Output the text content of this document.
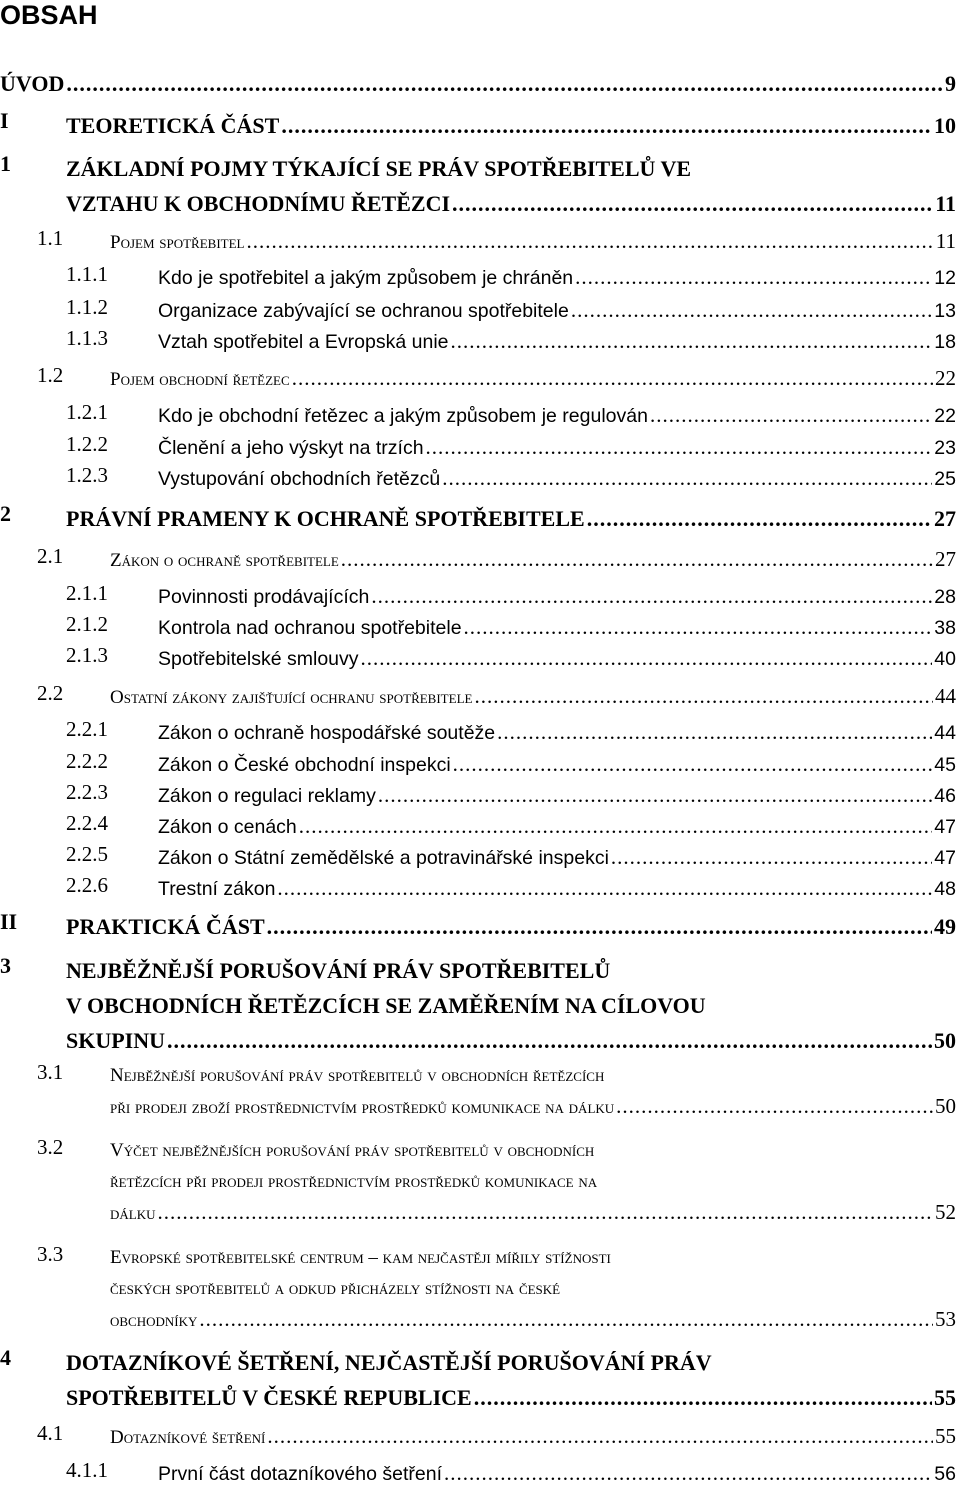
OBSAH
ÚVOD .....	9
I	TEORETICKÁ ČÁST .....	10
1	ZÁKLADNÍ POJMY TÝKAJÍCÍ SE PRÁV SPOTŘEBITELŮ VE
VZTAHU K OBCHODNÍMU ŘETĚZCI .....	11
1.1 Pojem spotřebitel .....	11
1.1.1	Kdo je spotřebitel a jakým způsobem je chráněn .....	12
1.1.2	Organizace zabývající se ochranou spotřebitele .....	13
1.1.3	Vztah spotřebitel a Evropská unie .....	18
1.2 Pojem obchodní řetězec .....	22
1.2.1	Kdo je obchodní řetězec a jakým způsobem je regulován .....	22
1.2.2	Členění a jeho výskyt na trzích .....	23
1.2.3	Vystupování obchodních řetězců .....	25
2	PRÁVNÍ PRAMENY K OCHRANĚ SPOTŘEBITELE .....	27
2.1 Zákon o ochraně spotřebitele .....	27
2.1.1	Povinnosti prodávajících .....	28
2.1.2	Kontrola nad ochranou spotřebitele .....	38
2.1.3	Spotřebitelské smlouvy .....	40
2.2 Ostatní zákony zajišťující ochranu spotřebitele .....	44
2.2.1	Zákon o ochraně hospodářské soutěže .....	44
2.2.2	Zákon o České obchodní inspekci .....	45
2.2.3	Zákon o regulaci reklamy .....	46
2.2.4	Zákon o cenách .....	47
2.2.5	Zákon o Státní zemědělské a potravinářské inspekci .....	47
2.2.6	Trestní zákon .....	48
II PRAKTICKÁ ČÁST .....	49
3	NEJBĚŽNĚJŠÍ PORUŠOVÁNÍ PRÁV SPOTŘEBITELŮ
V OBCHODNÍCH ŘETĚZCÍCH SE ZAMĚŘENÍM NA CÍLOVOU
SKUPINU .....	50
3.1 Nejběžnější porušování práv spotřebitelů v obchodních řetězcích
při prodeji zboží prostřednictvím prostředků komunikace na dálku .....	50
3.2 Výčet nejběžnějších porušování práv spotřebitelů v obchodních
řetězcích při prodeji prostřednictvím prostředků komunikace na
dálku .....	52
3.3 Evropské spotřebitelské centrum – kam nejčastěji mířily stížnosti
českých spotřebitelů a odkud přicházely stížnosti na české
obchodníky .....	53
4	DOTAZNÍKOVÉ ŠETŘENÍ, NEJČASTĚJŠÍ PORUŠOVÁNÍ PRÁV
SPOTŘEBITELŮ V ČESKÉ REPUBLICE .....	55
4.1 Dotazníkové šetření .....	55
4.1.1	První část dotazníkového šetření .....	56
